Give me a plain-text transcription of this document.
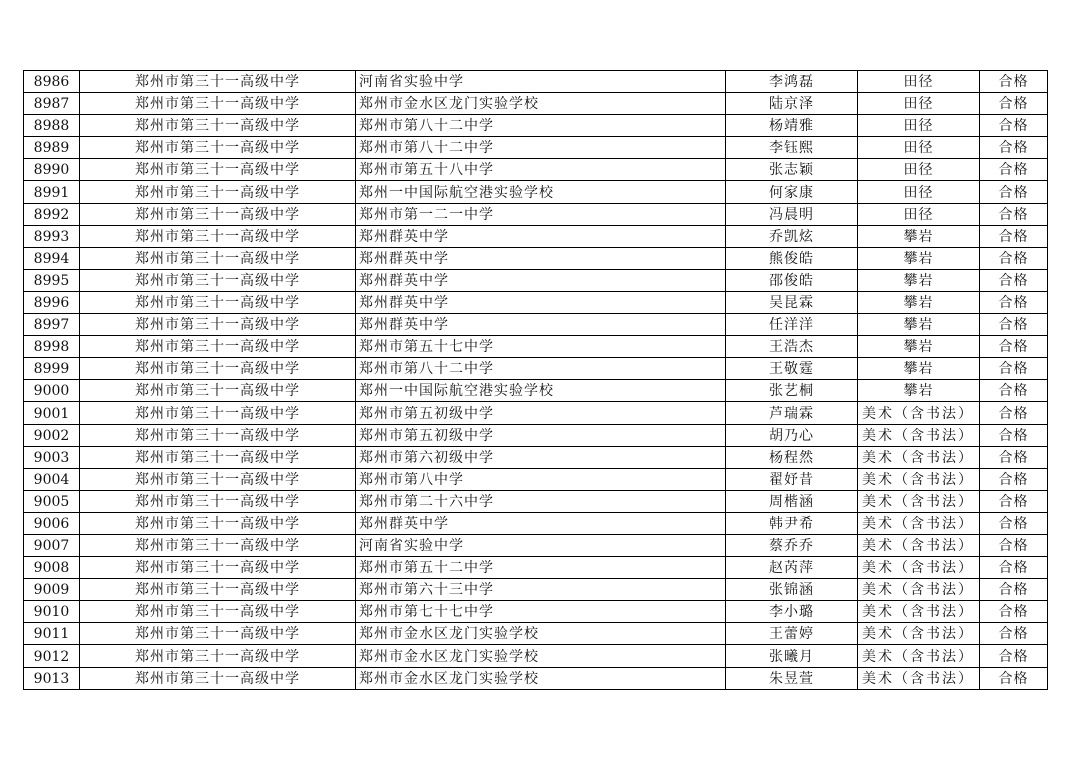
8986	郑州市第三十一高级中学	河南省实验中学	李鸿磊	田径	合格
8987	郑州市第三十一高级中学	郑州市金水区龙门实验学校	陆京泽	田径	合格
8988	郑州市第三十一高级中学	郑州市第八十二中学	杨靖雅	田径	合格
8989	郑州市第三十一高级中学	郑州市第八十二中学	李钰熙	田径	合格
8990	郑州市第三十一高级中学	郑州市第五十八中学	张志颖	田径	合格
8991	郑州市第三十一高级中学	郑州一中国际航空港实验学校	何家康	田径	合格
8992	郑州市第三十一高级中学	郑州市第一二一中学	冯晨明	田径	合格
8993	郑州市第三十一高级中学	郑州群英中学	乔凯炫	攀岩	合格
8994	郑州市第三十一高级中学	郑州群英中学	熊俊皓	攀岩	合格
8995	郑州市第三十一高级中学	郑州群英中学	邵俊皓	攀岩	合格
8996	郑州市第三十一高级中学	郑州群英中学	吴昆霖	攀岩	合格
8997	郑州市第三十一高级中学	郑州群英中学	任洋洋	攀岩	合格
8998	郑州市第三十一高级中学	郑州市第五十七中学	王浩杰	攀岩	合格
8999	郑州市第三十一高级中学	郑州市第八十二中学	王敬霆	攀岩	合格
9000	郑州市第三十一高级中学	郑州一中国际航空港实验学校	张艺桐	攀岩	合格
9001	郑州市第三十一高级中学	郑州市第五初级中学	芦瑞霖	美术（含书法）	合格
9002	郑州市第三十一高级中学	郑州市第五初级中学	胡乃心	美术（含书法）	合格
9003	郑州市第三十一高级中学	郑州市第六初级中学	杨程然	美术（含书法）	合格
9004	郑州市第三十一高级中学	郑州市第八中学	翟妤昔	美术（含书法）	合格
9005	郑州市第三十一高级中学	郑州市第二十六中学	周楷涵	美术（含书法）	合格
9006	郑州市第三十一高级中学	郑州群英中学	韩尹希	美术（含书法）	合格
9007	郑州市第三十一高级中学	河南省实验中学	蔡乔乔	美术（含书法）	合格
9008	郑州市第三十一高级中学	郑州市第五十二中学	赵芮萍	美术（含书法）	合格
9009	郑州市第三十一高级中学	郑州市第六十三中学	张锦涵	美术（含书法）	合格
9010	郑州市第三十一高级中学	郑州市第七十七中学	李小璐	美术（含书法）	合格
9011	郑州市第三十一高级中学	郑州市金水区龙门实验学校	王蕾婷	美术（含书法）	合格
9012	郑州市第三十一高级中学	郑州市金水区龙门实验学校	张曦月	美术（含书法）	合格
9013	郑州市第三十一高级中学	郑州市金水区龙门实验学校	朱昱萱	美术（含书法）	合格
